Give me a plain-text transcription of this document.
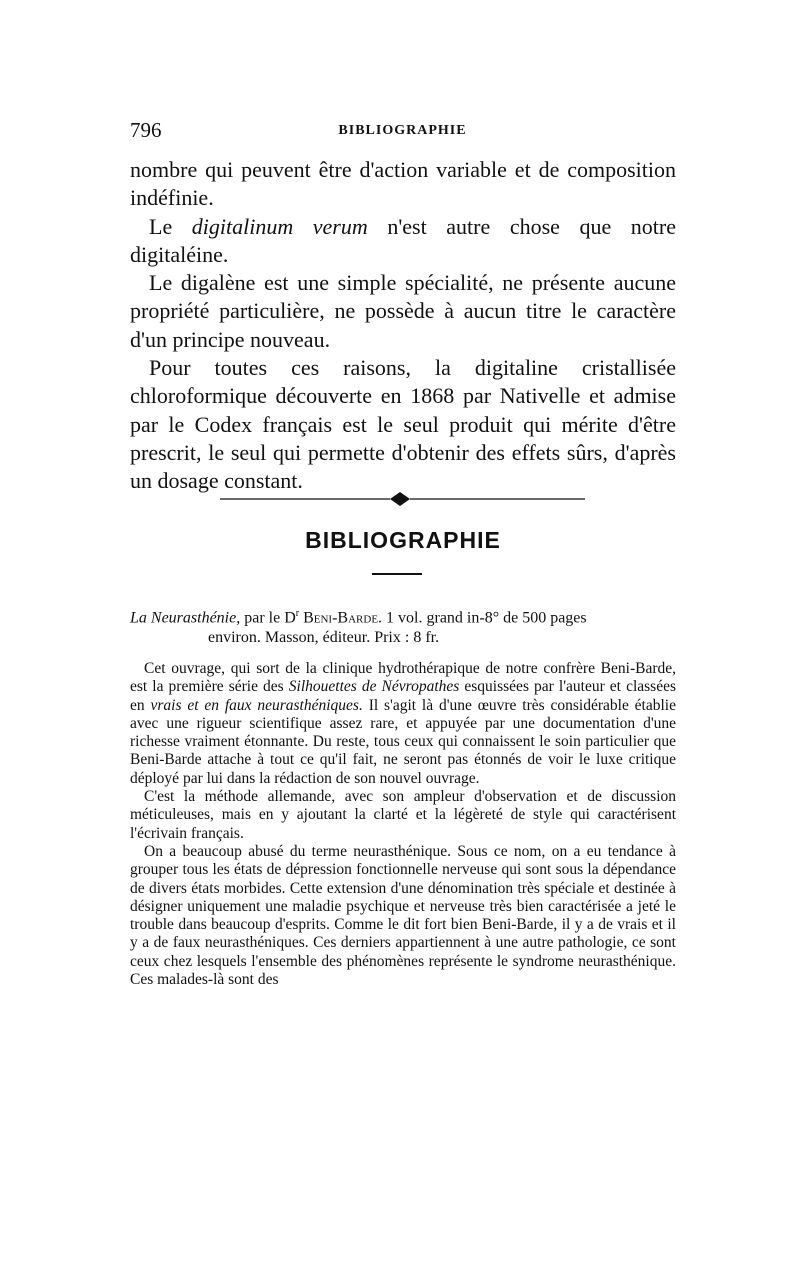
796	BIBLIOGRAPHIE

nombre qui peuvent être d'action variable et de composition indéfinie.

Le digitalinum verum n'est autre chose que notre digitaléine.

Le digalène est une simple spécialité, ne présente aucune propriété particulière, ne possède à aucun titre le caractère d'un principe nouveau.

Pour toutes ces raisons, la digitaline cristallisée chloroformique découverte en 1868 par Nativelle et admise par le Codex français est le seul produit qui mérite d'être prescrit, le seul qui permette d'obtenir des effets sûrs, d'après un dosage constant.

BIBLIOGRAPHIE

La Neurasthénie, par le $D^r$ Beni-Barde. 1 vol. grand in-8° de 500 pages

environ. Masson, éditeur. Prix : 8 fr.

Cet ouvrage, qui sort de la clinique hydrothérapique de notre confrère Beni-Barde, est la première série des Silhouettes de Névropathes esquissées par l'auteur et classées en vrais et en faux neurasthéniques. Il s'agit là d'une œuvre très considérable établie avec une rigueur scientifique assez rare, et appuyée par une documentation d'une richesse vraiment étonnante. Du reste, tous ceux qui connaissent le soin particulier que Beni-Barde attache à tout ce qu'il fait, ne seront pas étonnés de voir le luxe critique déployé par lui dans la rédaction de son nouvel ouvrage.

C'est la méthode allemande, avec son ampleur d'observation et de discussion méticuleuses, mais en y ajoutant la clarté et la légèreté de style qui caractérisent l'écrivain français.

On a beaucoup abusé du terme neurasthénique. Sous ce nom, on a eu tendance à grouper tous les états de dépression fonctionnelle nerveuse qui sont sous la dépendance de divers états morbides. Cette extension d'une dénomination très spéciale et destinée à désigner uniquement une maladie psychique et nerveuse très bien caractérisée a jeté le trouble dans beaucoup d'esprits. Comme le dit fort bien Beni-Barde, il y a de vrais et il y a de faux neurasthéniques. Ces derniers appartiennent à une autre pathologie, ce sont ceux chez lesquels l'ensemble des phénomènes représente le syndrome neurasthénique. Ces malades-là sont des
